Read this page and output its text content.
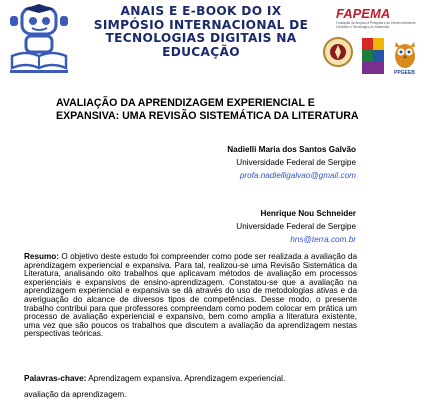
ANAIS E E-BOOK DO IX
SIMPÓSIO INTERNACIONAL DE
TECNOLOGIAS DIGITAIS NA
EDUCAÇÃO
FAPEMA
Fundação de Amparo à Pesquisa e ao Desenvolvimento Científico e Tecnológico do Maranhão
PPGEEB
AVALIAÇÃO DA APRENDIZAGEM EXPERIENCIAL E
EXPANSIVA: UMA REVISÃO SISTEMÁTICA DA LITERATURA
Nadielli Maria dos Santos Galvão
Universidade Federal de Sergipe
profa.nadielligalvao@gmail.com
Henrique Nou Schneider
Universidade Federal de Sergipe
hns@terra.com.br
Resumo: O objetivo deste estudo foi compreender como pode ser realizada a avaliação da aprendizagem experiencial e expansiva. Para tal, realizou-se uma Revisão Sistemática da Literatura, analisando oito trabalhos que aplicavam métodos de avaliação em processos experienciais e expansivos de ensino-aprendizagem. Constatou-se que a avaliação na aprendizagem experiencial e expansiva se dá através do uso de metodologias ativas e da averiguação do alcance de diversos tipos de competências. Desse modo, o presente trabalho contribui para que professores compreendam como podem colocar em prática um processo de avaliação experiencial e expansivo, bem como amplia a literatura existente, uma vez que são poucos os trabalhos que discutem a avaliação da aprendizagem nestas perspectivas teóricas.
Palavras-chave: Aprendizagem expansiva. Aprendizagem experiencial.
avaliação da aprendizagem.
